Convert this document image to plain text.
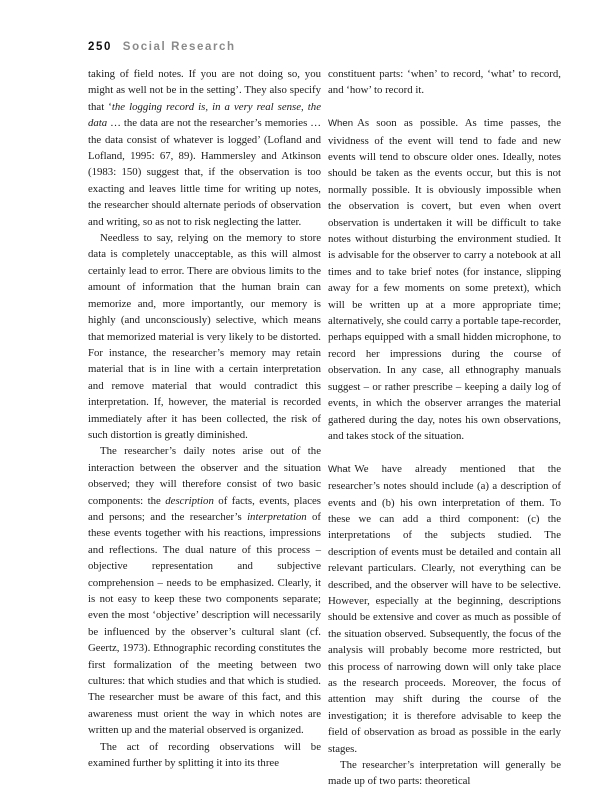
250 Social Research

taking of field notes. If you are not doing so, you might as well not be in the setting’. They also specify that ‘the logging record is, in a very real sense, the data … the data are not the researcher’s memories … the data consist of whatever is logged’ (Lofland and Lofland, 1995: 67, 89). Hammersley and Atkinson (1983: 150) suggest that, if the observation is too exacting and leaves little time for writing up notes, the researcher should alternate periods of observation and writing, so as not to risk neglecting the latter.

Needless to say, relying on the memory to store data is completely unacceptable, as this will almost certainly lead to error. There are obvious limits to the amount of information that the human brain can memorize and, more importantly, our memory is highly (and unconsciously) selective, which means that memorized material is very likely to be distorted. For instance, the researcher’s memory may retain material that is in line with a certain interpretation and remove material that would contradict this interpretation. If, however, the material is recorded immediately after it has been collected, the risk of such distortion is greatly diminished.

The researcher’s daily notes arise out of the interaction between the observer and the situation observed; they will therefore consist of two basic components: the description of facts, events, places and persons; and the researcher’s interpretation of these events together with his reactions, impressions and reflections. The dual nature of this process – objective representation and subjective comprehension – needs to be emphasized. Clearly, it is not easy to keep these two components separate; even the most ‘objective’ description will necessarily be influenced by the observer’s cultural slant (cf. Geertz, 1973). Ethnographic recording constitutes the first formalization of the meeting between two cultures: that which studies and that which is studied. The researcher must be aware of this fact, and this awareness must orient the way in which notes are written up and the material observed is organized.

The act of recording observations will be examined further by splitting it into its three

constituent parts: ‘when’ to record, ‘what’ to record, and ‘how’ to record it.

When As soon as possible. As time passes, the vividness of the event will tend to fade and new events will tend to obscure older ones. Ideally, notes should be taken as the events occur, but this is not normally possible. It is obviously impossible when the observation is covert, but even when overt observation is undertaken it will be difficult to take notes without disturbing the environment studied. It is advisable for the observer to carry a notebook at all times and to take brief notes (for instance, slipping away for a few moments on some pretext), which will be written up at a more appropriate time; alternatively, she could carry a portable tape-recorder, perhaps equipped with a small hidden microphone, to record her impressions during the course of observation. In any case, all ethnography manuals suggest – or rather prescribe – keeping a daily log of events, in which the observer arranges the material gathered during the day, notes his own observations, and takes stock of the situation.

What We have already mentioned that the researcher’s notes should include (a) a description of events and (b) his own interpretation of them. To these we can add a third component: (c) the interpretations of the subjects studied. The description of events must be detailed and contain all relevant particulars. Clearly, not everything can be described, and the observer will have to be selective. However, especially at the beginning, descriptions should be extensive and cover as much as possible of the situation observed. Subsequently, the focus of the analysis will probably become more restricted, but this process of narrowing down will only take place as the research proceeds. Moreover, the focus of attention may shift during the course of the investigation; it is therefore advisable to keep the field of observation as broad as possible in the early stages.

The researcher’s interpretation will generally be made up of two parts: theoretical
